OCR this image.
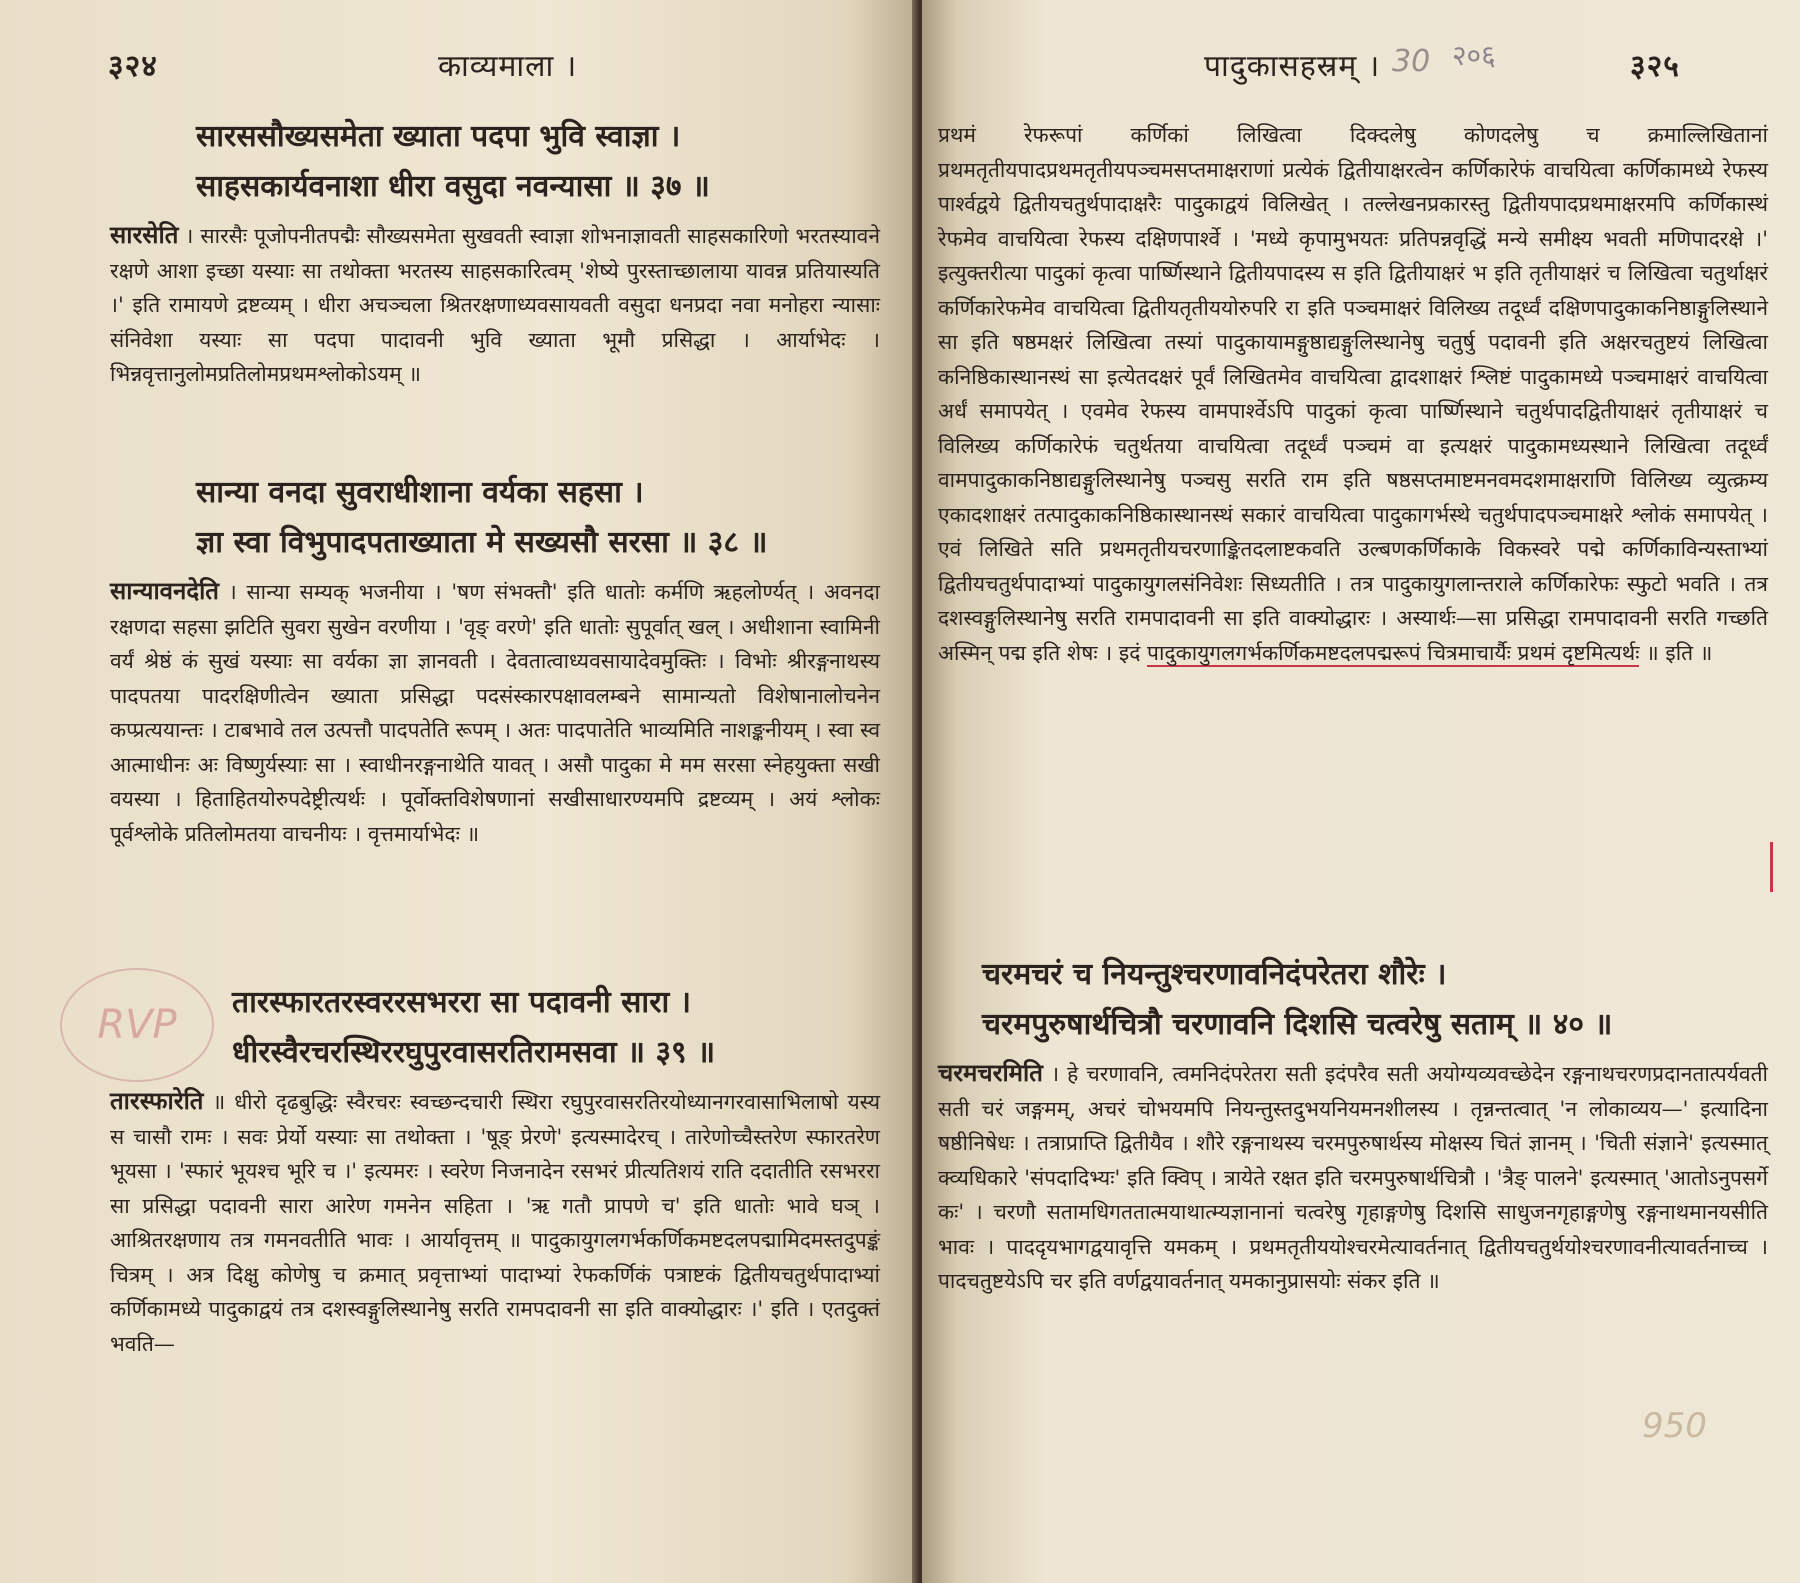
३२४	काव्यमाला ।
सारससौख्यसमेता ख्याता पदपा भुवि स्वाज्ञा ।
साहसकार्यवनाशा धीरा वसुदा नवन्यासा ॥ ३७ ॥

सारसेति । सारसैः पूजोपनीतपद्मैः सौख्यसमेता सुखवती स्वाज्ञा शोभनाज्ञावती साहसकारिणो भरतस्यावने रक्षणे आशा इच्छा यस्याः सा तथोक्ता भरतस्य साहसकारित्वम् 'शेष्ये पुरस्ताच्छालाया यावन्न प्रतियास्यति ।' इति रामायणे द्रष्टव्यम् । धीरा अचञ्चला श्रितरक्षणाध्यवसायवती वसुदा धनप्रदा नवा मनोहरा न्यासाः संनिवेशा यस्याः सा पदपा पादावनी भुवि ख्याता भूमौ प्रसिद्धा । आर्याभेदः । भिन्नवृत्तानुलोमप्रतिलोमप्रथमश्लोकोऽयम् ॥

सान्या वनदा सुवराधीशाना वर्यका सहसा ।
ज्ञा स्वा विभुपादपताख्याता मे सख्यसौ सरसा ॥ ३८ ॥

सान्यावनदेति । सान्या सम्यक् भजनीया । 'षण संभक्तौ' इति धातोः कर्मणि ऋहलोर्ण्यत् । अवनदा रक्षणदा सहसा झटिति सुवरा सुखेन वरणीया । 'वृङ् वरणे' इति धातोः सुपूर्वात् खल् । अधीशाना स्वामिनी वर्यं श्रेष्ठं कं सुखं यस्याः सा वर्यका ज्ञा ज्ञानवती । देवतात्वाध्यवसायादेवमुक्तिः । विभोः श्रीरङ्गनाथस्य पादपतया पादरक्षिणीत्वेन ख्याता प्रसिद्धा पदसंस्कारपक्षावलम्बने सामान्यतो विशेषानालोचनेन कप्प्रत्ययान्तः । टाबभावे तल उत्पत्तौ पादपतेति रूपम् । अतः पादपातेति भाव्यमिति नाशङ्कनीयम् । स्वा स्व आत्माधीनः अः विष्णुर्यस्याः सा । स्वाधीनरङ्गनाथेति यावत् । असौ पादुका मे मम सरसा स्नेहयुक्ता सखी वयस्या । हिताहितयोरुपदेष्ट्रीत्यर्थः । पूर्वोक्तविशेषणानां सखीसाधारण्यमपि द्रष्टव्यम् । अयं श्लोकः पूर्वश्लोके प्रतिलोमतया वाचनीयः । वृत्तमार्याभेदः ॥

RVP	तारस्फारतरस्वररसभररा सा पदावनी सारा ।
धीरस्वैरचरस्थिररघुपुरवासरतिरामसवा ॥ ३९ ॥

तारस्फारेति ॥ धीरो दृढबुद्धिः स्वैरचरः स्वच्छन्दचारी स्थिरा रघुपुरवासरतिरयोध्यानगरवासाभिलाषो यस्य स चासौ रामः । सवः प्रेर्यो यस्याः सा तथोक्ता । 'षूङ् प्रेरणे' इत्यस्मादेरच् । तारेणोच्चैस्तरेण स्फारतरेण भूयसा । 'स्फारं भूयश्च भूरि च ।' इत्यमरः । स्वरेण निजनादेन रसभरं प्रीत्यतिशयं राति ददातीति रसभररा सा प्रसिद्धा पदावनी सारा आरेण गमनेन सहिता । 'ऋ गतौ प्रापणे च' इति धातोः भावे घञ् । आश्रितरक्षणाय तत्र गमनवतीति भावः । आर्यावृत्तम् ॥ पादुकायुगलगर्भकर्णिकमष्टदलपद्मामिदमस्तदुपङ्कं चित्रम् । अत्र दिक्षु कोणेषु च क्रमात् प्रवृत्ताभ्यां पादाभ्यां रेफकर्णिकं पत्राष्टकं द्वितीयचतुर्थपादाभ्यां कर्णिकामध्ये पादुकाद्वयं तत्र दशस्वङ्गुलिस्थानेषु सरति रामपदावनी सा इति वाक्योद्धारः ।' इति । एतदुक्तं भवति—

पादुकासहस्रम् । 30 २०६	३२५

प्रथमं रेफरूपां कर्णिकां लिखित्वा दिक्दलेषु कोणदलेषु च क्रमाल्लिखितानां प्रथमतृतीयपादप्रथमतृतीयपञ्चमसप्तमाक्षराणां प्रत्येकं द्वितीयाक्षरत्वेन कर्णिकारेफं वाचयित्वा कर्णिकामध्ये रेफस्य पार्श्वद्वये द्वितीयचतुर्थपादाक्षरैः पादुकाद्वयं विलिखेत् । तल्लेखनप्रकारस्तु द्वितीयपादप्रथमाक्षरमपि कर्णिकास्थं रेफमेव वाचयित्वा रेफस्य दक्षिणपार्श्वे । 'मध्ये कृपामुभयतः प्रतिपन्नवृद्धिं मन्ये समीक्ष्य भवती मणिपादरक्षे ।' इत्युक्तरीत्या पादुकां कृत्वा पार्ष्णिस्थाने द्वितीयपादस्य स इति द्वितीयाक्षरं भ इति तृतीयाक्षरं च लिखित्वा चतुर्थाक्षरं कर्णिकारेफमेव वाचयित्वा द्वितीयतृतीययोरुपरि रा इति पञ्चमाक्षरं विलिख्य तदूर्ध्वं दक्षिणपादुकाकनिष्ठाङ्गुलिस्थाने सा इति षष्ठमक्षरं लिखित्वा तस्यां पादुकायामङ्गुष्ठाद्यङ्गुलिस्थानेषु चतुर्षु पदावनी इति अक्षरचतुष्टयं लिखित्वा कनिष्ठिकास्थानस्थं सा इत्येतदक्षरं पूर्वं लिखितमेव वाचयित्वा द्वादशाक्षरं श्लिष्टं पादुकामध्ये पञ्चमाक्षरं वाचयित्वा अर्धं समापयेत् । एवमेव रेफस्य वामपार्श्वेऽपि पादुकां कृत्वा पार्ष्णिस्थाने चतुर्थपादद्वितीयाक्षरं तृतीयाक्षरं च विलिख्य कर्णिकारेफं चतुर्थतया वाचयित्वा तदूर्ध्वं पञ्चमं वा इत्यक्षरं पादुकामध्यस्थाने लिखित्वा तदूर्ध्वं वामपादुकाकनिष्ठाद्यङ्गुलिस्थानेषु पञ्चसु सरति राम इति षष्ठसप्तमाष्टमनवमदशमाक्षराणि विलिख्य व्युत्क्रम्य एकादशाक्षरं तत्पादुकाकनिष्ठिकास्थानस्थं सकारं वाचयित्वा पादुकागर्भस्थे चतुर्थपादपञ्चमाक्षरे श्लोकं समापयेत् । एवं लिखिते सति प्रथमतृतीयचरणाङ्कितदलाष्टकवति उल्बणकर्णिकाके विकस्वरे पद्मे कर्णिकाविन्यस्ताभ्यां द्वितीयचतुर्थपादाभ्यां पादुकायुगलसंनिवेशः सिध्यतीति । तत्र पादुकायुगलान्तराले कर्णिकारेफः स्फुटो भवति । तत्र दशस्वङ्गुलिस्थानेषु सरति रामपादावनी सा इति वाक्योद्धारः । अस्यार्थः—सा प्रसिद्धा रामपादावनी सरति गच्छति अस्मिन् पद्म इति शेषः । इदं पादुकायुगलगर्भकर्णिकमष्टदलपद्मरूपं चित्रमाचार्यैः प्रथमं दृष्टमित्यर्थः ॥ इति ॥

चरमचरं च नियन्तुश्चरणावनिदंपरेतरा शौरेः ।
चरमपुरुषार्थचित्रौ चरणावनि दिशसि चत्वरेषु सताम् ॥ ४० ॥

चरमचरमिति । हे चरणावनि, त्वमनिदंपरेतरा सती इदंपरैव सती अयोग्यव्यवच्छेदेन रङ्गनाथचरणप्रदानतात्पर्यवती सती चरं जङ्गमम्, अचरं चोभयमपि नियन्तुस्तदुभयनियमनशीलस्य । तृन्नन्तत्वात् 'न लोकाव्यय—' इत्यादिना षष्ठीनिषेधः । तत्राप्राप्ति द्वितीयैव । शौरे रङ्गनाथस्य चरमपुरुषार्थस्य मोक्षस्य चितं ज्ञानम् । 'चिती संज्ञाने' इत्यस्मात् क्व्यधिकारे 'संपदादिभ्यः' इति क्विप् । त्रायेते रक्षत इति चरमपुरुषार्थचित्रौ । 'त्रैङ् पालने' इत्यस्मात् 'आतोऽनुपसर्गे कः' । चरणौ सतामधिगततात्मयाथात्म्यज्ञानानां चत्वरेषु गृहाङ्गणेषु दिशसि साधुजनगृहाङ्गणेषु रङ्गनाथमानयसीति भावः । पाददृयभागद्वयावृत्ति यमकम् । प्रथमतृतीययोश्चरमेत्यावर्तनात् द्वितीयचतुर्थयोश्चरणावनीत्यावर्तनाच्च । पादचतुष्टयेऽपि चर इति वर्णद्वयावर्तनात् यमकानुप्रासयोः संकर इति ॥

950
